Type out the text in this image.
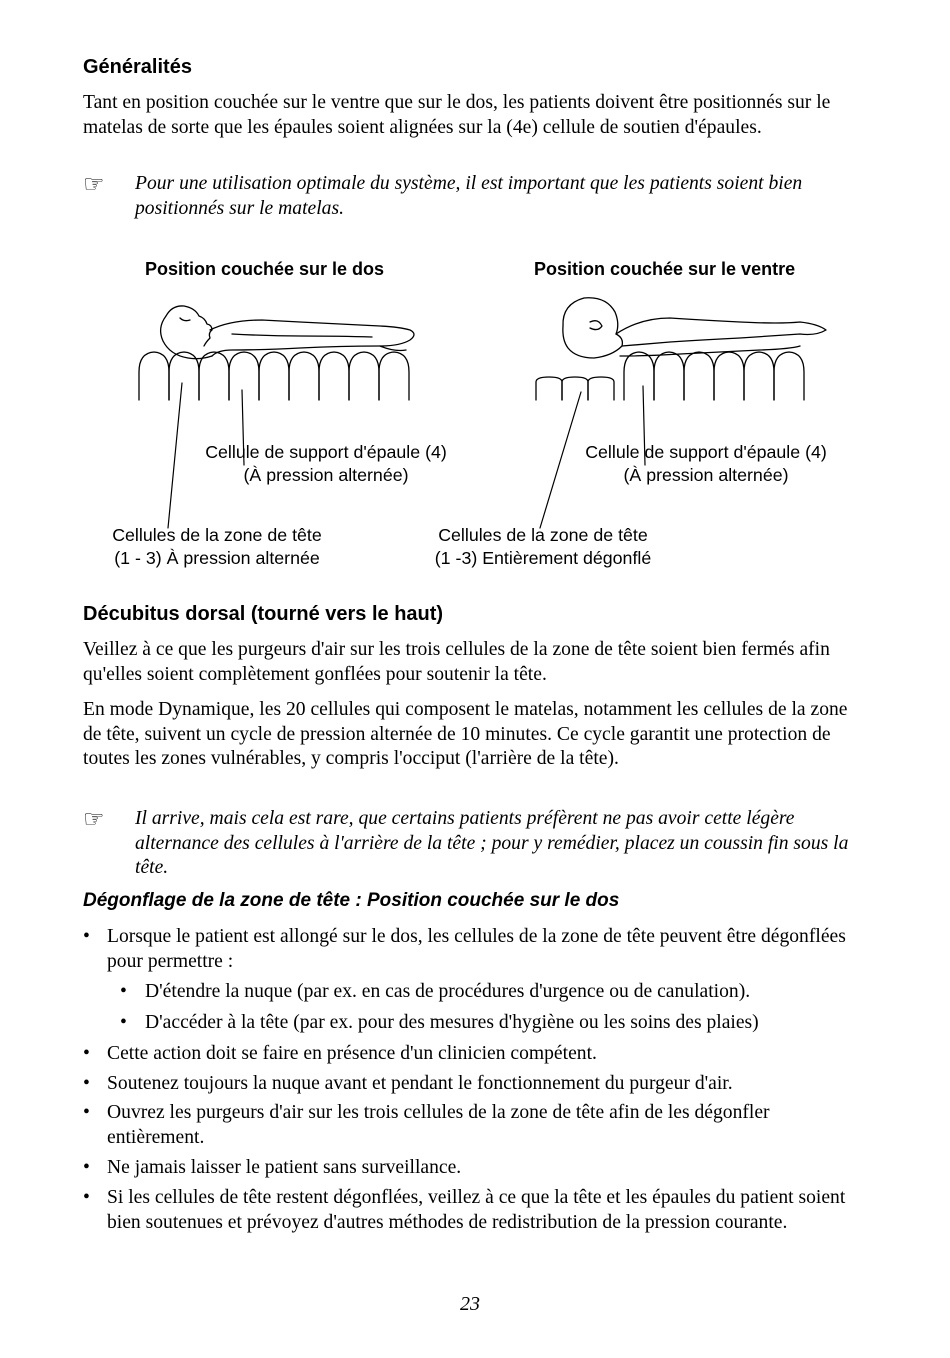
Généralités

Tant en position couchée sur le ventre que sur le dos, les patients doivent être positionnés sur le matelas de sorte que les épaules soient alignées sur la (4e) cellule de soutien d'épaules.

☞ Pour une utilisation optimale du système, il est important que les patients soient bien positionnés sur le matelas.

Position couchée sur le dos	Position couchée sur le ventre
Cellule de support d'épaule (4)
(À pression alternée)
Cellule de support d'épaule (4)
(À pression alternée)
Cellules de la zone de tête
(1 - 3) À pression alternée
Cellules de la zone de tête
(1 -3) Entièrement dégonflé
Décubitus dorsal (tourné vers le haut)

Veillez à ce que les purgeurs d'air sur les trois cellules de la zone de tête soient bien fermés afin qu'elles soient complètement gonflées pour soutenir la tête.

En mode Dynamique, les 20 cellules qui composent le matelas, notamment les cellules de la zone de tête, suivent un cycle de pression alternée de 10 minutes. Ce cycle garantit une protection de toutes les zones vulnérables, y compris l'occiput (l'arrière de la tête).

☞ Il arrive, mais cela est rare, que certains patients préfèrent ne pas avoir cette légère alternance des cellules à l'arrière de la tête ; pour y remédier, placez un coussin fin sous la tête.

Dégonflage de la zone de tête : Position couchée sur le dos
• Lorsque le patient est allongé sur le dos, les cellules de la zone de tête peuvent être dégonflées pour permettre :

• D'étendre la nuque (par ex. en cas de procédures d'urgence ou de canulation).

• D'accéder à la tête (par ex. pour des mesures d'hygiène ou les soins des plaies)

• Cette action doit se faire en présence d'un clinicien compétent.

• Soutenez toujours la nuque avant et pendant le fonctionnement du purgeur d'air.

• Ouvrez les purgeurs d'air sur les trois cellules de la zone de tête afin de les dégonfler entièrement.

• Ne jamais laisser le patient sans surveillance.

• Si les cellules de tête restent dégonflées, veillez à ce que la tête et les épaules du patient soient bien soutenues et prévoyez d'autres méthodes de redistribution de la pression courante.

23
